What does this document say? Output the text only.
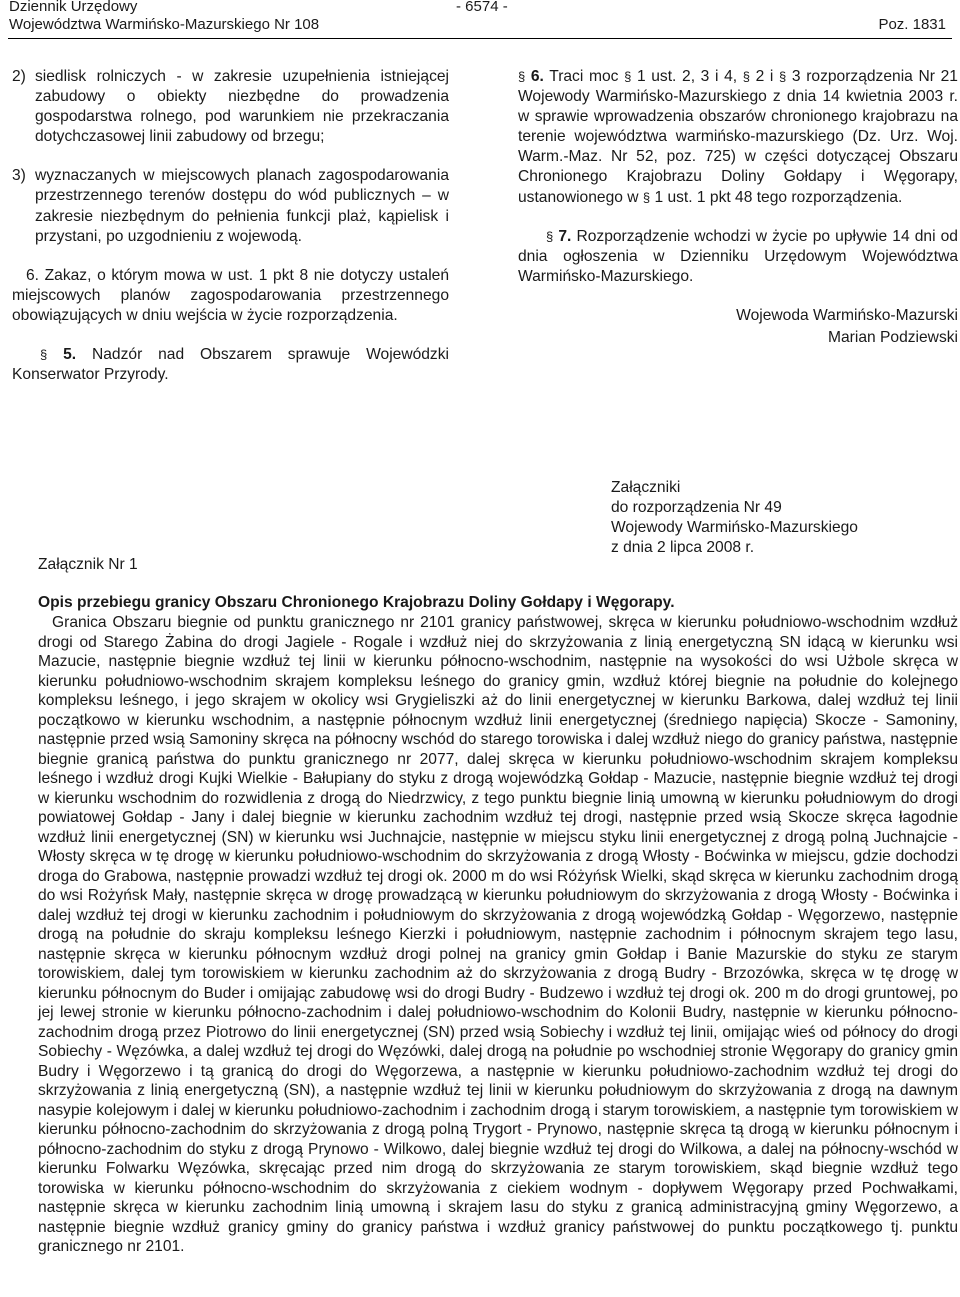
Dziennik Urzędowy
Województwa Warmińsko-Mazurskiego Nr 108
- 6574 -
Poz. 1831
2) siedlisk rolniczych - w zakresie uzupełnienia istniejącej zabudowy o obiekty niezbędne do prowadzenia gospodarstwa rolnego, pod warunkiem nie przekraczania dotychczasowej linii zabudowy od brzegu;
3) wyznaczanych w miejscowych planach zagospodarowania przestrzennego terenów dostępu do wód publicznych – w zakresie niezbędnym do pełnienia funkcji plaż, kąpielisk i przystani, po uzgodnieniu z wojewodą.

6. Zakaz, o którym mowa w ust. 1 pkt 8 nie dotyczy ustaleń miejscowych planów zagospodarowania przestrzennego obowiązujących w dniu wejścia w życie rozporządzenia.

§ 5. Nadzór nad Obszarem sprawuje Wojewódzki Konserwator Przyrody.

§ 6. Traci moc § 1 ust. 2, 3 i 4, § 2 i § 3 rozporządzenia Nr 21 Wojewody Warmińsko-Mazurskiego z dnia 14 kwietnia 2003 r. w sprawie wprowadzenia obszarów chronionego krajobrazu na terenie województwa warmińsko-mazurskiego (Dz. Urz. Woj. Warm.-Maz. Nr 52, poz. 725) w części dotyczącej Obszaru Chronionego Krajobrazu Doliny Gołdapy i Węgorapy, ustanowionego w § 1 ust. 1 pkt 48 tego rozporządzenia.

§ 7. Rozporządzenie wchodzi w życie po upływie 14 dni od dnia ogłoszenia w Dzienniku Urzędowym Województwa Warmińsko-Mazurskiego.

Wojewoda Warmińsko-Mazurski

Marian Podziewski

Załączniki
do rozporządzenia Nr 49
Wojewody Warmińsko-Mazurskiego
z dnia 2 lipca 2008 r.
Załącznik Nr 1
Opis przebiegu granicy Obszaru Chronionego Krajobrazu Doliny Gołdapy i Węgorapy.

Granica Obszaru biegnie od punktu granicznego nr 2101 granicy państwowej, skręca w kierunku południowo-wschodnim wzdłuż drogi od Starego Żabina do drogi Jagiele - Rogale i wzdłuż niej do skrzyżowania z linią energetyczną SN idącą w kierunku wsi Mazucie, następnie biegnie wzdłuż tej linii w kierunku północno-wschodnim, następnie na wysokości do wsi Użbole skręca w kierunku południowo-wschodnim skrajem kompleksu leśnego do granicy gmin, wzdłuż której biegnie na południe do kolejnego kompleksu leśnego, i jego skrajem w okolicy wsi Grygieliszki aż do linii energetycznej w kierunku Barkowa, dalej wzdłuż tej linii początkowo w kierunku wschodnim, a następnie północnym wzdłuż linii energetycznej (średniego napięcia) Skocze - Samoniny, następnie przed wsią Samoniny skręca na północny wschód do starego torowiska i dalej wzdłuż niego do granicy państwa, następnie biegnie granicą państwa do punktu granicznego nr 2077, dalej skręca w kierunku południowo-wschodnim skrajem kompleksu leśnego i wzdłuż drogi Kujki Wielkie - Bałupiany do styku z drogą wojewódzką Gołdap - Mazucie, następnie biegnie wzdłuż tej drogi w kierunku wschodnim do rozwidlenia z drogą do Niedrzwicy, z tego punktu biegnie linią umowną w kierunku południowym do drogi powiatowej Gołdap - Jany i dalej biegnie w kierunku zachodnim wzdłuż tej drogi, następnie przed wsią Skocze skręca łagodnie wzdłuż linii energetycznej (SN) w kierunku wsi Juchnajcie, następnie w miejscu styku linii energetycznej z drogą polną Juchnajcie - Włosty skręca w tę drogę w kierunku południowo-wschodnim do skrzyżowania z drogą Włosty - Boćwinka w miejscu, gdzie dochodzi droga do Grabowa, następnie prowadzi wzdłuż tej drogi ok. 2000 m do wsi Różyńsk Wielki, skąd skręca w kierunku zachodnim drogą do wsi Rożyńsk Mały, następnie skręca w drogę prowadzącą w kierunku południowym do skrzyżowania z drogą Włosty - Boćwinka i dalej wzdłuż tej drogi w kierunku zachodnim i południowym do skrzyżowania z drogą wojewódzką Gołdap - Węgorzewo, następnie drogą na południe do skraju kompleksu leśnego Kierzki i południowym, następnie zachodnim i północnym skrajem tego lasu, następnie skręca w kierunku północnym wzdłuż drogi polnej na granicy gmin Gołdap i Banie Mazurskie do styku ze starym torowiskiem, dalej tym torowiskiem w kierunku zachodnim aż do skrzyżowania z drogą Budry - Brzozówka, skręca w tę drogę w kierunku północnym do Buder i omijając zabudowę wsi do drogi Budry - Budzewo i wzdłuż tej drogi ok. 200 m do drogi gruntowej, po jej lewej stronie w kierunku północno-zachodnim i dalej południowo-wschodnim do Kolonii Budry, następnie w kierunku północno-zachodnim drogą przez Piotrowo do linii energetycznej (SN) przed wsią Sobiechy i wzdłuż tej linii, omijając wieś od północy do drogi Sobiechy - Węzówka, a dalej wzdłuż tej drogi do Węzówki, dalej drogą na południe po wschodniej stronie Węgorapy do granicy gmin Budry i Węgorzewo i tą granicą do drogi do Węgorzewa, a następnie w kierunku południowo-zachodnim wzdłuż tej drogi do skrzyżowania z linią energetyczną (SN), a następnie wzdłuż tej linii w kierunku południowym do skrzyżowania z drogą na dawnym nasypie kolejowym i dalej w kierunku południowo-zachodnim i zachodnim drogą i starym torowiskiem, a następnie tym torowiskiem w kierunku północno-zachodnim do skrzyżowania z drogą polną Trygort - Prynowo, następnie skręca tą drogą w kierunku północnym i północno-zachodnim do styku z drogą Prynowo - Wilkowo, dalej biegnie wzdłuż tej drogi do Wilkowa, a dalej na północny-wschód w kierunku Folwarku Węzówka, skręcając przed nim drogą do skrzyżowania ze starym torowiskiem, skąd biegnie wzdłuż tego torowiska w kierunku północno-wschodnim do skrzyżowania z ciekiem wodnym - dopływem Węgorapy przed Pochwałkami, następnie skręca w kierunku zachodnim linią umowną i skrajem lasu do styku z granicą administracyjną gminy Węgorzewo, a następnie biegnie wzdłuż granicy gminy do granicy państwa i wzdłuż granicy państwowej do punktu początkowego tj. punktu granicznego nr 2101.
